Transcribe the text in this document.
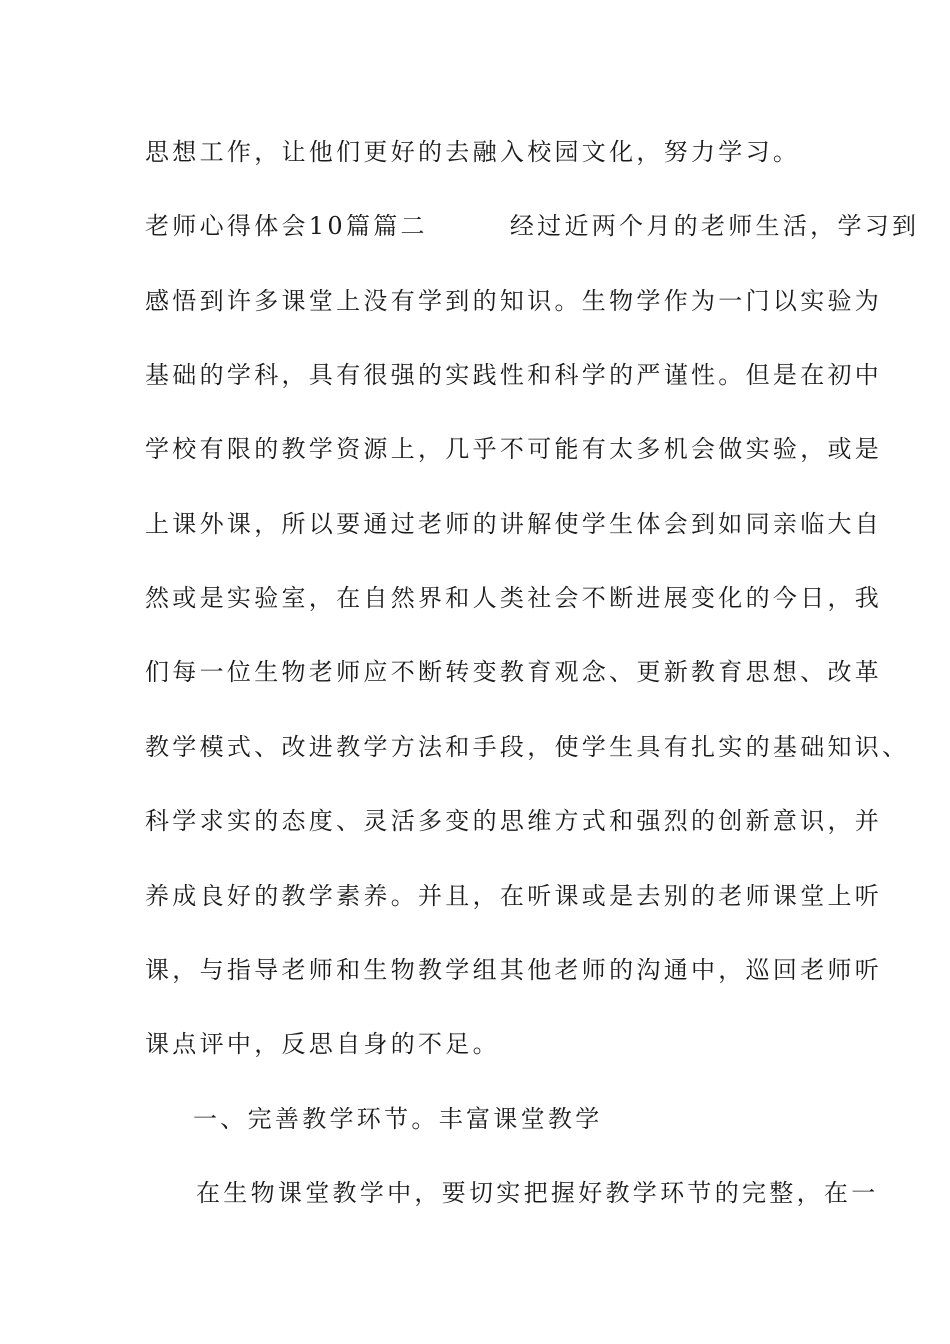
思想工作，让他们更好的去融入校园文化，努力学习。
老师心得体会10篇篇二	经过近两个月的老师生活，学习到
感悟到许多课堂上没有学到的知识。生物学作为一门以实验为
基础的学科，具有很强的实践性和科学的严谨性。但是在初中
学校有限的教学资源上，几乎不可能有太多机会做实验，或是
上课外课，所以要通过老师的讲解使学生体会到如同亲临大自
然或是实验室，在自然界和人类社会不断进展变化的今日，我
们每一位生物老师应不断转变教育观念、更新教育思想、改革
教学模式、改进教学方法和手段，使学生具有扎实的基础知识、
科学求实的态度、灵活多变的思维方式和强烈的创新意识，并
养成良好的教学素养。并且，在听课或是去别的老师课堂上听
课，与指导老师和生物教学组其他老师的沟通中，巡回老师听
课点评中，反思自身的不足。
一、完善教学环节。丰富课堂教学
在生物课堂教学中，要切实把握好教学环节的完整，在一
